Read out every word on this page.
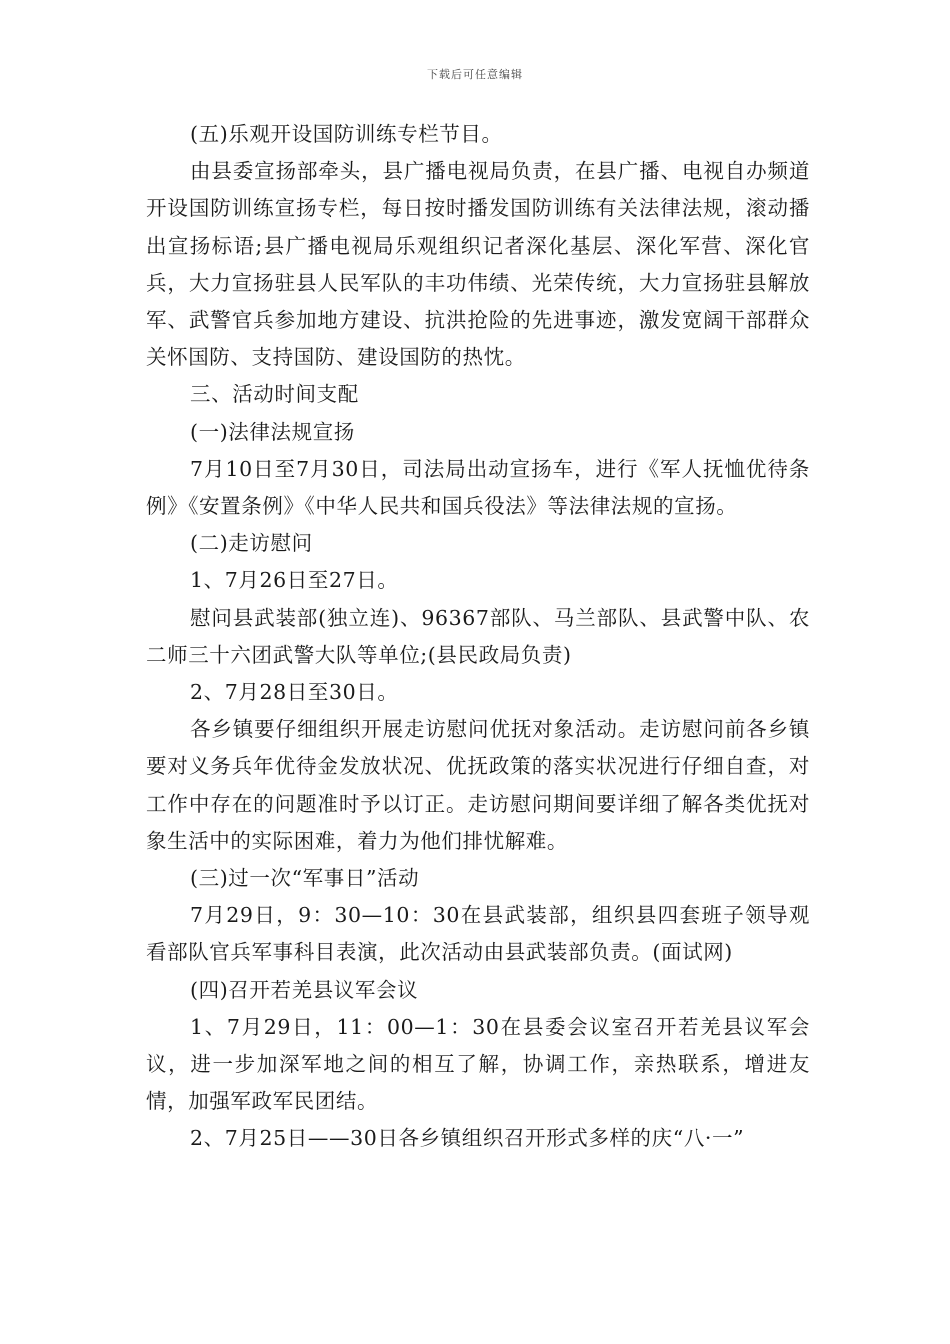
下载后可任意编辑

(五)乐观开设国防训练专栏节目。

由县委宣扬部牵头，县广播电视局负责，在县广播、电视自办频道开设国防训练宣扬专栏，每日按时播发国防训练有关法律法规，滚动播出宣扬标语;县广播电视局乐观组织记者深化基层、深化军营、深化官兵，大力宣扬驻县人民军队的丰功伟绩、光荣传统，大力宣扬驻县解放军、武警官兵参加地方建设、抗洪抢险的先进事迹，激发宽阔干部群众关怀国防、支持国防、建设国防的热忱。

三、活动时间支配

(一)法律法规宣扬

7月10日至7月30日，司法局出动宣扬车，进行《军人抚恤优待条例》《安置条例》《中华人民共和国兵役法》等法律法规的宣扬。

(二)走访慰问

1、7月26日至27日。

慰问县武装部(独立连)、96367部队、马兰部队、县武警中队、农二师三十六团武警大队等单位;(县民政局负责)

2、7月28日至30日。

各乡镇要仔细组织开展走访慰问优抚对象活动。走访慰问前各乡镇要对义务兵年优待金发放状况、优抚政策的落实状况进行仔细自查，对工作中存在的问题准时予以订正。走访慰问期间要详细了解各类优抚对象生活中的实际困难，着力为他们排忧解难。

(三)过一次“军事日”活动

7月29日，9：30—10：30在县武装部，组织县四套班子领导观看部队官兵军事科目表演，此次活动由县武装部负责。(面试网)

(四)召开若羌县议军会议

1、7月29日，11：00—1：30在县委会议室召开若羌县议军会议，进一步加深军地之间的相互了解，协调工作，亲热联系，增进友情，加强军政军民团结。

2、7月25日——30日各乡镇组织召开形式多样的庆“八·一”
